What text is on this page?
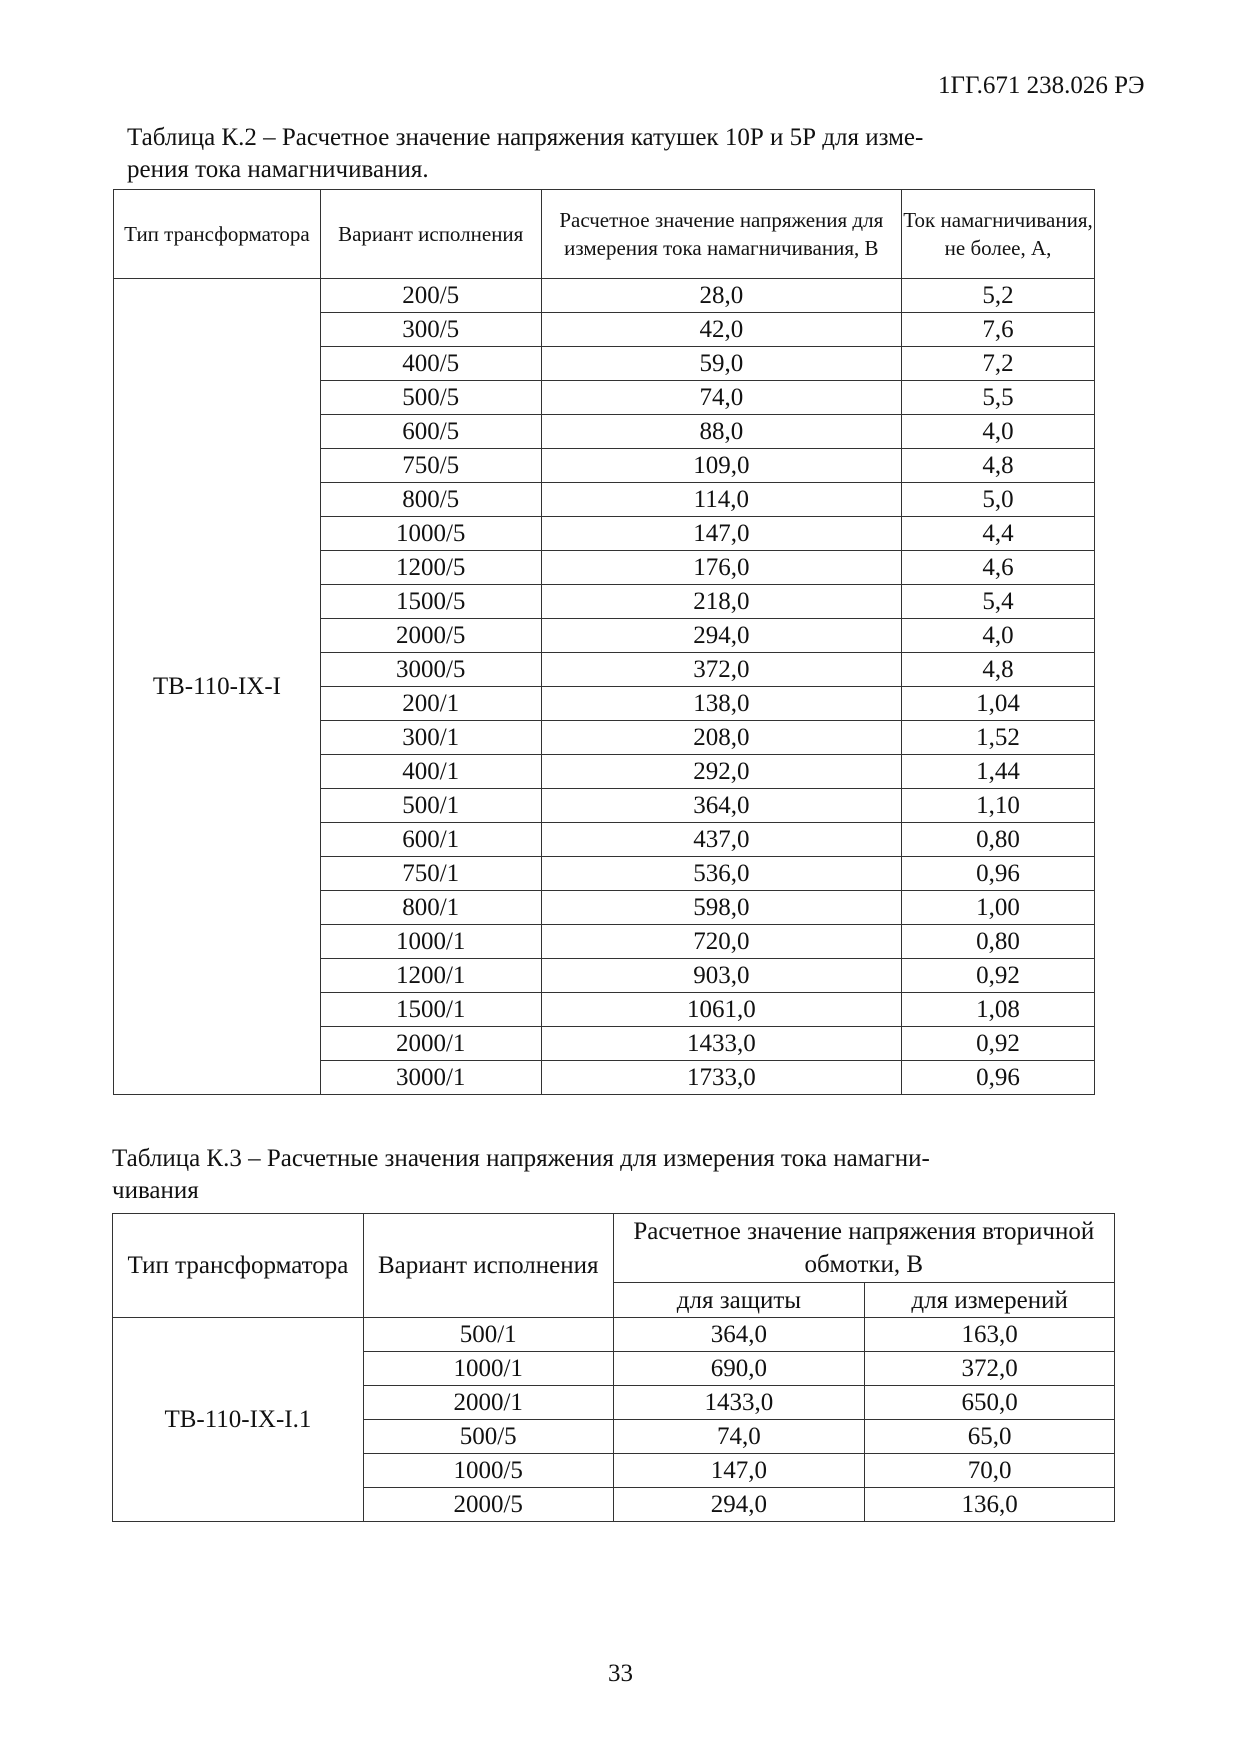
1ГГ.671 238.026 РЭ
Таблица К.2 – Расчетное значение напряжения катушек 10Р и 5Р для изме-
рения тока намагничивания.
Тип трансформатора	Вариант исполнения	Расчетное значение напряжения для измерения тока намагничивания, В	Ток намагничивания, не более, А,
ТВ-110-IX-I	200/5	28,0	5,2
	300/5	42,0	7,6
	400/5	59,0	7,2
	500/5	74,0	5,5
	600/5	88,0	4,0
	750/5	109,0	4,8
	800/5	114,0	5,0
	1000/5	147,0	4,4
	1200/5	176,0	4,6
	1500/5	218,0	5,4
	2000/5	294,0	4,0
	3000/5	372,0	4,8
	200/1	138,0	1,04
	300/1	208,0	1,52
	400/1	292,0	1,44
	500/1	364,0	1,10
	600/1	437,0	0,80
	750/1	536,0	0,96
	800/1	598,0	1,00
	1000/1	720,0	0,80
	1200/1	903,0	0,92
	1500/1	1061,0	1,08
	2000/1	1433,0	0,92
	3000/1	1733,0	0,96
Таблица К.3 – Расчетные значения напряжения для измерения тока намагни-
чивания
Тип трансформатора	Вариант исполнения	Расчетное значение напряжения вторичной обмотки, В	
		для защиты	для измерений
ТВ-110-IX-I.1	500/1	364,0	163,0
	1000/1	690,0	372,0
	2000/1	1433,0	650,0
	500/5	74,0	65,0
	1000/5	147,0	70,0
	2000/5	294,0	136,0
33
